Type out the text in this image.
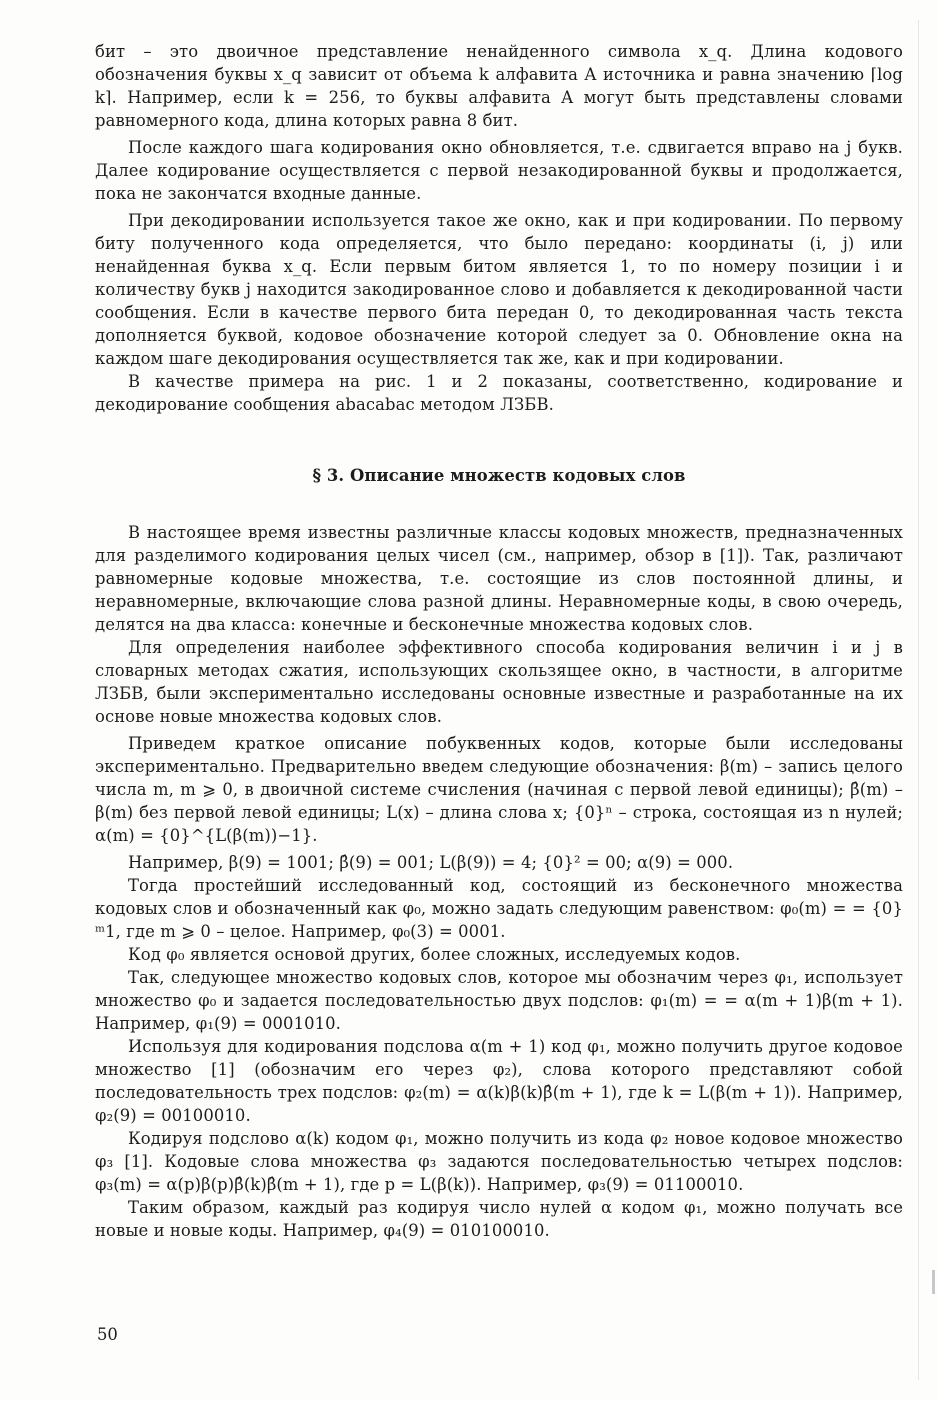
бит – это двоичное представление ненайденного символа x_q. Длина кодового обозначения буквы x_q зависит от объема k алфавита A источника и равна значению ⌈log k⌉. Например, если k = 256, то буквы алфавита A могут быть представлены словами равномерного кода, длина которых равна 8 бит.

После каждого шага кодирования окно обновляется, т.е. сдвигается вправо на j букв. Далее кодирование осуществляется с первой незакодированной буквы и продолжается, пока не закончатся входные данные.

При декодировании используется такое же окно, как и при кодировании. По первому биту полученного кода определяется, что было передано: координаты (i, j) или ненайденная буква x_q. Если первым битом является 1, то по номеру позиции i и количеству букв j находится закодированное слово и добавляется к декодированной части сообщения. Если в качестве первого бита передан 0, то декодированная часть текста дополняется буквой, кодовое обозначение которой следует за 0. Обновление окна на каждом шаге декодирования осуществляется так же, как и при кодировании.

В качестве примера на рис. 1 и 2 показаны, соответственно, кодирование и декодирование сообщения abacabac методом ЛЗБВ.

§ 3. Описание множеств кодовых слов

В настоящее время известны различные классы кодовых множеств, предназначенных для разделимого кодирования целых чисел (см., например, обзор в [1]). Так, различают равномерные кодовые множества, т.е. состоящие из слов постоянной длины, и неравномерные, включающие слова разной длины. Неравномерные коды, в свою очередь, делятся на два класса: конечные и бесконечные множества кодовых слов.

Для определения наиболее эффективного способа кодирования величин i и j в словарных методах сжатия, использующих скользящее окно, в частности, в алгоритме ЛЗБВ, были экспериментально исследованы основные известные и разработанные на их основе новые множества кодовых слов.

Приведем краткое описание побуквенных кодов, которые были исследованы экспериментально. Предварительно введем следующие обозначения: β(m) – запись целого числа m, m ⩾ 0, в двоичной системе счисления (начиная с первой левой единицы); β̂(m) – β(m) без первой левой единицы; L(x) – длина слова x; {0}ⁿ – строка, состоящая из n нулей; α(m) = {0}^{L(β(m))−1}.

Например, β(9) = 1001; β̂(9) = 001; L(β(9)) = 4; {0}² = 00; α(9) = 000.

Тогда простейший исследованный код, состоящий из бесконечного множества кодовых слов и обозначенный как φ₀, можно задать следующим равенством: φ₀(m) = = {0}ᵐ1, где m ⩾ 0 – целое. Например, φ₀(3) = 0001.

Код φ₀ является основой других, более сложных, исследуемых кодов.

Так, следующее множество кодовых слов, которое мы обозначим через φ₁, использует множество φ₀ и задается последовательностью двух подслов: φ₁(m) = = α(m + 1)β(m + 1). Например, φ₁(9) = 0001010.

Используя для кодирования подслова α(m + 1) код φ₁, можно получить другое кодовое множество [1] (обозначим его через φ₂), слова которого представляют собой последовательность трех подслов: φ₂(m) = α(k)β(k)β̂(m + 1), где k = L(β(m + 1)). Например, φ₂(9) = 00100010.

Кодируя подслово α(k) кодом φ₁, можно получить из кода φ₂ новое кодовое множество φ₃ [1]. Кодовые слова множества φ₃ задаются последовательностью четырех подслов: φ₃(m) = α(p)β(p)β̂(k)β̂(m + 1), где p = L(β(k)). Например, φ₃(9) = 01100010.

Таким образом, каждый раз кодируя число нулей α кодом φ₁, можно получать все новые и новые коды. Например, φ₄(9) = 010100010.

50
